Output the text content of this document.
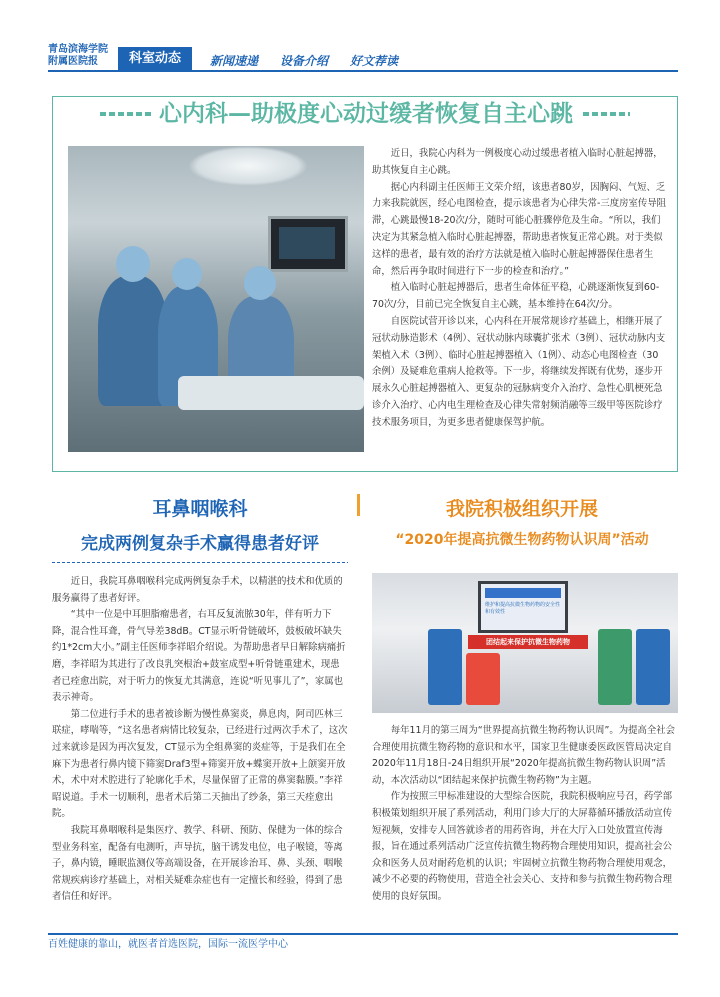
青岛滨海学院
附属医院报	科室动态	新闻速递 设备介绍 好文荐读
心内科—助极度心动过缓者恢复自主心跳

近日，我院心内科为一例极度心动过缓患者植入临时心脏起搏器，助其恢复自主心跳。

据心内科副主任医师王文荣介绍，该患者80岁，因胸闷、气短、乏力来我院就医，经心电图检查，提示该患者为心律失常-三度房室传导阻滞，心跳最慢18-20次/分，随时可能心脏骤停危及生命。“所以，我们决定为其紧急植入临时心脏起搏器，帮助患者恢复正常心跳。对于类似这样的患者，最有效的治疗方法就是植入临时心脏起搏器保住患者生命，然后再争取时间进行下一步的检查和治疗。”

植入临时心脏起搏器后，患者生命体征平稳，心跳逐渐恢复到60-70次/分，目前已完全恢复自主心跳，基本维持在64次/分。

自医院试营开诊以来，心内科在开展常规诊疗基础上，相继开展了冠状动脉造影术（4例）、冠状动脉内球囊扩张术（3例）、冠状动脉内支架植入术（3例）、临时心脏起搏器植入（1例）、动态心电图检查（30余例）及疑难危重病人抢救等。下一步，将继续发挥既有优势，逐步开展永久心脏起搏器植入、更复杂的冠脉病变介入治疗、急性心肌梗死急诊介入治疗、心内电生理检查及心律失常射频消融等三级甲等医院诊疗技术服务项目，为更多患者健康保驾护航。

耳鼻咽喉科
完成两例复杂手术赢得患者好评

近日，我院耳鼻咽喉科完成两例复杂手术，以精湛的技术和优质的服务赢得了患者好评。

“其中一位是中耳胆脂瘤患者，右耳反复流脓30年，伴有听力下降，混合性耳聋，骨气导差38dB。CT显示听骨链破坏，鼓板破坏缺失约1*2cm大小。”副主任医师李祥昭介绍说。为帮助患者早日解除病痛折磨，李祥昭为其进行了改良乳突根治+鼓室成型+听骨链重建术，现患者已痊愈出院，对于听力的恢复尤其满意，连说“听见事儿了”，家属也表示神奇。

第二位进行手术的患者被诊断为慢性鼻窦炎，鼻息肉，阿司匹林三联症，哮喘等，“这名患者病情比较复杂，已经进行过两次手术了，这次过来就诊是因为再次复发，CT显示为全组鼻窦的炎症等，于是我们在全麻下为患者行鼻内镜下筛窦Draf3型+筛窦开放+蝶窦开放+上颌窦开放术，术中对术腔进行了轮廓化手术，尽量保留了正常的鼻窦黏膜。”李祥昭说道。手术一切顺利，患者术后第二天抽出了纱条，第三天痊愈出院。

我院耳鼻咽喉科是集医疗、教学、科研、预防、保健为一体的综合型业务科室，配备有电测听，声导抗，脑干诱发电位，电子喉镜，等离子，鼻内镜，睡眠监测仪等高端设备，在开展诊治耳、鼻、头颈、咽喉常规疾病诊疗基础上，对相关疑难杂症也有一定擅长和经验，得到了患者信任和好评。

我院积极组织开展
“2020年提高抗微生物药物认识周”活动
维护和提高抗微生物药物的安全性和有效性
团结起来保护抗微生物药物

每年11月的第三周为“世界提高抗微生物药物认识周”。为提高全社会合理使用抗微生物药物的意识和水平，国家卫生健康委医政医管局决定自2020年11月18日-24日组织开展“2020年提高抗微生物药物认识周”活动，本次活动以“团结起来保护抗微生物药物”为主题。

作为按照三甲标准建设的大型综合医院，我院积极响应号召，药学部积极策划组织开展了系列活动，利用门诊大厅的大屏幕循环播放活动宣传短视频，安排专人回答就诊者的用药咨询，并在大厅入口处放置宣传海报，旨在通过系列活动广泛宣传抗微生物药物合理使用知识，提高社会公众和医务人员对耐药危机的认识；牢固树立抗微生物药物合理使用观念，减少不必要的药物使用，营造全社会关心、支持和参与抗微生物药物合理使用的良好氛围。

百姓健康的靠山，就医者首选医院，国际一流医学中心
